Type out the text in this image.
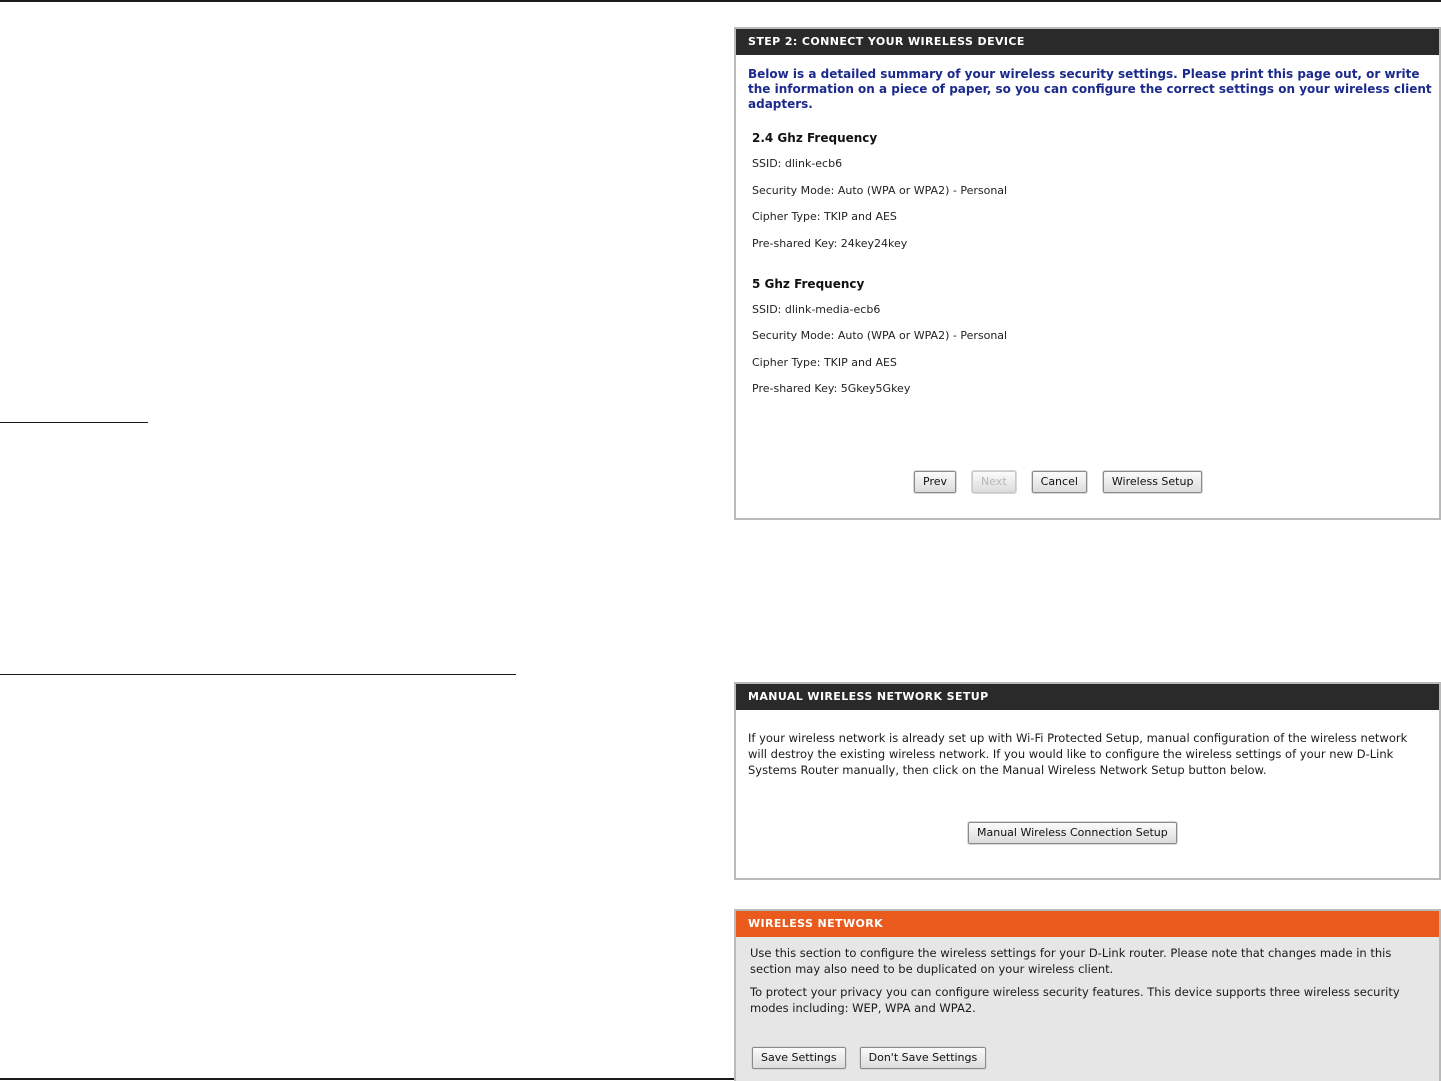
STEP 2: CONNECT YOUR WIRELESS DEVICE
Below is a detailed summary of your wireless security settings. Please print this page out, or write the information on a piece of paper, so you can configure the correct settings on your wireless client adapters.
2.4 Ghz Frequency
SSID: dlink-ecb6
Security Mode: Auto (WPA or WPA2) - Personal
Cipher Type: TKIP and AES
Pre-shared Key: 24key24key
5 Ghz Frequency
SSID: dlink-media-ecb6
Security Mode: Auto (WPA or WPA2) - Personal
Cipher Type: TKIP and AES
Pre-shared Key: 5Gkey5Gkey
Prev	Next	Cancel	Wireless Setup
MANUAL WIRELESS NETWORK SETUP
If your wireless network is already set up with Wi-Fi Protected Setup, manual configuration of the wireless network will destroy the existing wireless network. If you would like to configure the wireless settings of your new D-Link Systems Router manually, then click on the Manual Wireless Network Setup button below.
Manual Wireless Connection Setup
WIRELESS NETWORK
Use this section to configure the wireless settings for your D-Link router. Please note that changes made in this section may also need to be duplicated on your wireless client.
To protect your privacy you can configure wireless security features. This device supports three wireless security modes including: WEP, WPA and WPA2.
Save Settings	Don't Save Settings
